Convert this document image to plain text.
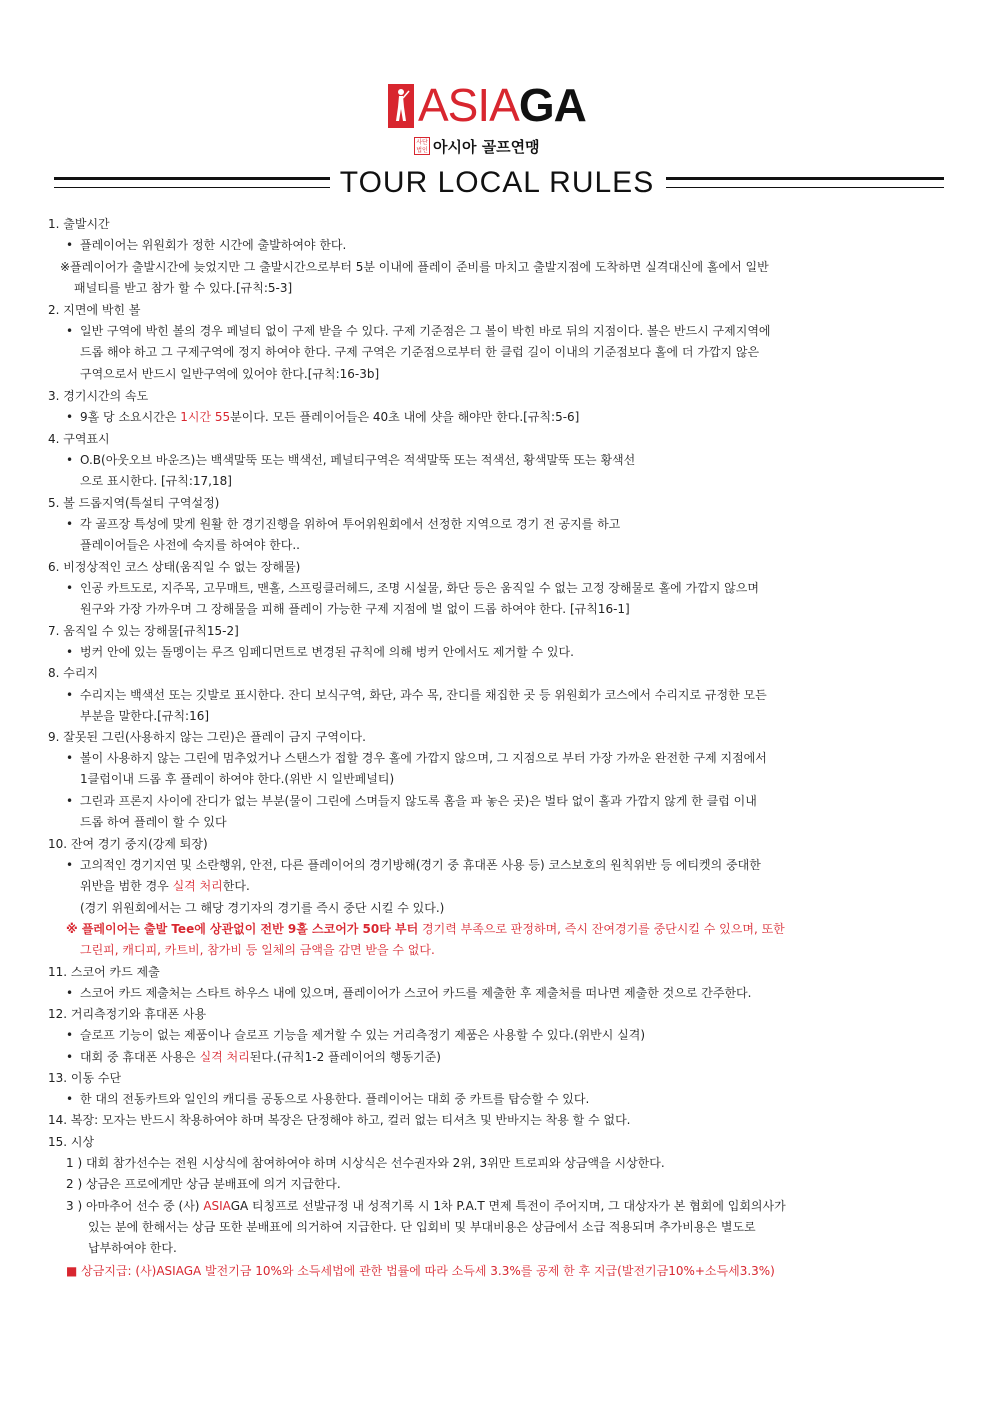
ASIAGA
사단법인 아시아 골프연맹
TOUR LOCAL RULES
1. 출발시간
• 플레이어는 위원회가 정한 시간에 출발하여야 한다.
※플레이어가 출발시간에 늦었지만 그 출발시간으로부터 5분 이내에 플레이 준비를 마치고 출발지점에 도착하면 실격대신에 홀에서 일반
패널티를 받고 참가 할 수 있다.[규칙:5-3]
2. 지면에 박힌 볼
• 일반 구역에 박힌 볼의 경우 페널티 없이 구제 받을 수 있다. 구제 기준점은 그 볼이 박힌 바로 뒤의 지점이다. 볼은 반드시 구제지역에
드롭 해야 하고 그 구제구역에 정지 하여야 한다. 구제 구역은 기준점으로부터 한 클럽 길이 이내의 기준점보다 홀에 더 가깝지 않은
구역으로서 반드시 일반구역에 있어야 한다.[규칙:16-3b]
3. 경기시간의 속도
• 9홀 당 소요시간은 1시간 55분이다. 모든 플레이어들은 40초 내에 샷을 해야만 한다.[규칙:5-6]
4. 구역표시
• O.B(아웃오브 바운즈)는 백색말뚝 또는 백색선, 페널티구역은 적색말뚝 또는 적색선, 황색말뚝 또는 황색선
으로 표시한다. [규칙:17,18]
5. 볼 드롭지역(특설티 구역설정)
• 각 골프장 특성에 맞게 원활 한 경기진행을 위하여 투어위원회에서 선정한 지역으로 경기 전 공지를 하고
플레이어들은 사전에 숙지를 하여야 한다..
6. 비정상적인 코스 상태(움직일 수 없는 장해물)
• 인공 카트도로, 지주목, 고무매트, 맨홀, 스프링클러헤드, 조명 시설물, 화단 등은 움직일 수 없는 고정 장해물로 홀에 가깝지 않으며
원구와 가장 가까우며 그 장해물을 피해 플레이 가능한 구제 지점에 벌 없이 드롭 하여야 한다. [규칙16-1]
7. 움직일 수 있는 장해물[규칙15-2]
• 벙커 안에 있는 돌멩이는 루즈 임페디먼트로 변경된 규칙에 의해 벙커 안에서도 제거할 수 있다.
8. 수리지
• 수리지는 백색선 또는 깃발로 표시한다. 잔디 보식구역, 화단, 과수 목, 잔디를 채집한 곳 등 위원회가 코스에서 수리지로 규정한 모든
부분을 말한다.[규칙:16]
9. 잘못된 그린(사용하지 않는 그린)은 플레이 금지 구역이다.
• 볼이 사용하지 않는 그린에 멈추었거나 스탠스가 접할 경우 홀에 가깝지 않으며, 그 지점으로 부터 가장 가까운 완전한 구제 지점에서
1클럽이내 드롭 후 플레이 하여야 한다.(위반 시 일반페널티)
• 그린과 프론지 사이에 잔디가 없는 부분(물이 그린에 스며들지 않도록 홈을 파 놓은 곳)은 벌타 없이 홀과 가깝지 않게 한 클럽 이내
드롭 하여 플레이 할 수 있다
10. 잔여 경기 중지(강제 퇴장)
• 고의적인 경기지연 및 소란행위, 안전, 다른 플레이어의 경기방해(경기 중 휴대폰 사용 등) 코스보호의 원칙위반 등 에티켓의 중대한
위반을 범한 경우 실격 처리한다.
(경기 위원회에서는 그 해당 경기자의 경기를 즉시 중단 시킬 수 있다.)
※ 플레이어는 출발 Tee에 상관없이 전반 9홀 스코어가 50타 부터 경기력 부족으로 판정하며, 즉시 잔여경기를 중단시킬 수 있으며, 또한
그린피, 캐디피, 카트비, 참가비 등 일체의 금액을 감면 받을 수 없다.
11. 스코어 카드 제출
• 스코어 카드 제출처는 스타트 하우스 내에 있으며, 플레이어가 스코어 카드를 제출한 후 제출처를 떠나면 제출한 것으로 간주한다.
12. 거리측정기와 휴대폰 사용
• 슬로프 기능이 없는 제품이나 슬로프 기능을 제거할 수 있는 거리측정기 제품은 사용할 수 있다.(위반시 실격)
• 대회 중 휴대폰 사용은 실격 처리된다.(규칙1-2 플레이어의 행동기준)
13. 이동 수단
• 한 대의 전동카트와 일인의 캐디를 공동으로 사용한다. 플레이어는 대회 중 카트를 탑승할 수 있다.
14. 복장: 모자는 반드시 착용하여야 하며 복장은 단정해야 하고, 컬러 없는 티셔츠 및 반바지는 착용 할 수 없다.
15. 시상
1 ) 대회 참가선수는 전원 시상식에 참여하여야 하며 시상식은 선수권자와 2위, 3위만 트로피와 상금액을 시상한다.
2 ) 상금은 프로에게만 상금 분배표에 의거 지급한다.
3 ) 아마추어 선수 중 (사) ASIAGA 티칭프로 선발규정 내 성적기록 시 1차 P.A.T 면제 특전이 주어지며, 그 대상자가 본 협회에 입회의사가
있는 분에 한해서는 상금 또한 분배표에 의거하여 지급한다. 단 입회비 및 부대비용은 상금에서 소급 적용되며 추가비용은 별도로
납부하여야 한다.
■ 상금지급: (사)ASIAGA 발전기금 10%와 소득세법에 관한 법률에 따라 소득세 3.3%를 공제 한 후 지급(발전기금10%+소득세3.3%)
